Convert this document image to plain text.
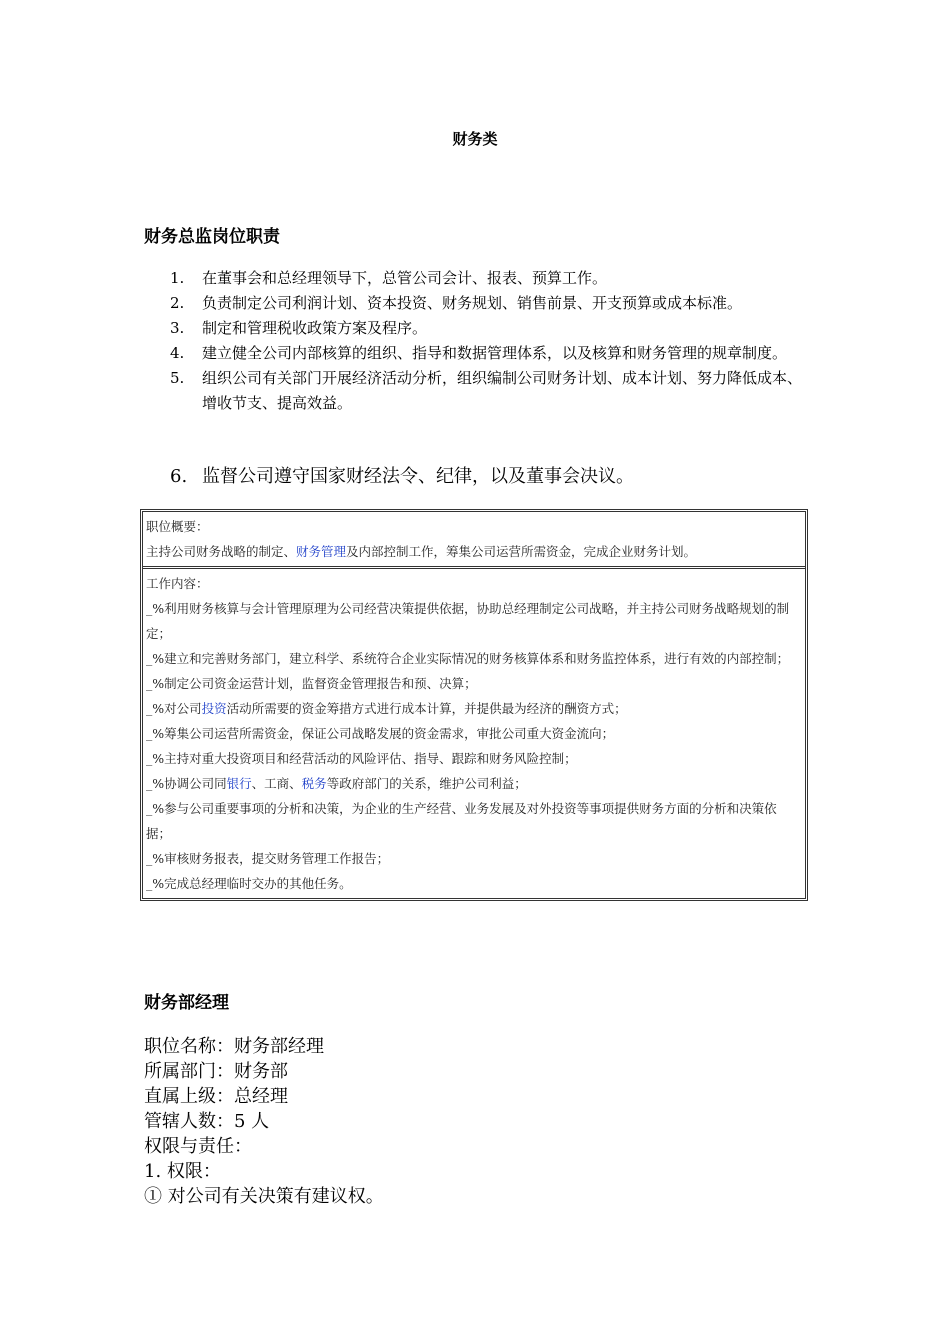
财务类
财务总监岗位职责
1.	在董事会和总经理领导下，总管公司会计、报表、预算工作。
2.	负责制定公司利润计划、资本投资、财务规划、销售前景、开支预算或成本标准。
3.	制定和管理税收政策方案及程序。
4.	建立健全公司内部核算的组织、指导和数据管理体系，以及核算和财务管理的规章制度。
5.	组织公司有关部门开展经济活动分析，组织编制公司财务计划、成本计划、努力降低成本、增收节支、提高效益。
6. 监督公司遵守国家财经法令、纪律，以及董事会决议。
职位概要：
主持公司财务战略的制定、财务管理及内部控制工作，筹集公司运营所需资金，完成企业财务计划。
工作内容：
_%利用财务核算与会计管理原理为公司经营决策提供依据，协助总经理制定公司战略，并主持公司财务战略规划的制定；
_%建立和完善财务部门，建立科学、系统符合企业实际情况的财务核算体系和财务监控体系，进行有效的内部控制；
_%制定公司资金运营计划，监督资金管理报告和预、决算；
_%对公司投资活动所需要的资金筹措方式进行成本计算，并提供最为经济的酬资方式；
_%筹集公司运营所需资金，保证公司战略发展的资金需求，审批公司重大资金流向；
_%主持对重大投资项目和经营活动的风险评估、指导、跟踪和财务风险控制；
_%协调公司同银行、工商、税务等政府部门的关系，维护公司利益；
_%参与公司重要事项的分析和决策，为企业的生产经营、业务发展及对外投资等事项提供财务方面的分析和决策依据；
_%审核财务报表，提交财务管理工作报告；
_%完成总经理临时交办的其他任务。
财务部经理
职位名称：财务部经理
所属部门：财务部
直属上级：总经理
管辖人数：5 人
权限与责任：
1. 权限：
① 对公司有关决策有建议权。
